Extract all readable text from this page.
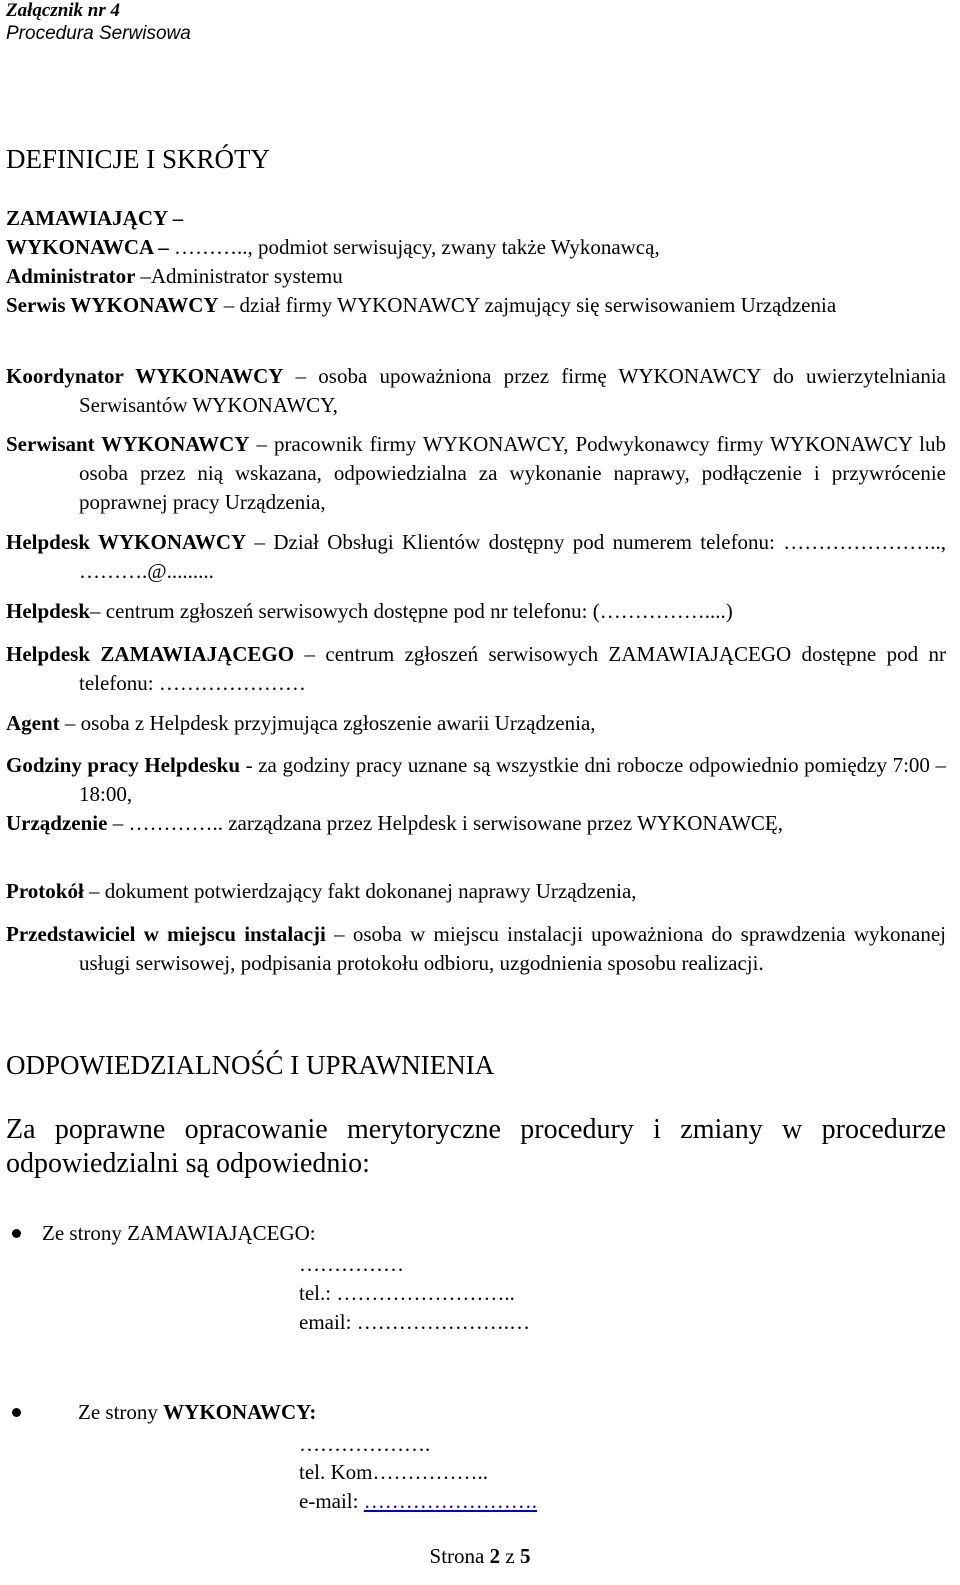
Załącznik nr 4
Procedura Serwisowa
DEFINICJE I SKRÓTY
ZAMAWIAJĄCY –
WYKONAWCA – ……….., podmiot serwisujący, zwany także Wykonawcą,
Administrator –Administrator systemu
Serwis WYKONAWCY – dział firmy WYKONAWCY zajmujący się serwisowaniem Urządzenia
Koordynator WYKONAWCY – osoba upoważniona przez firmę WYKONAWCY do uwierzytelniania Serwisantów WYKONAWCY,
Serwisant WYKONAWCY – pracownik firmy WYKONAWCY, Podwykonawcy firmy WYKONAWCY lub osoba przez nią wskazana, odpowiedzialna za wykonanie naprawy, podłączenie i przywrócenie poprawnej pracy Urządzenia,
Helpdesk WYKONAWCY – Dział Obsługi Klientów dostępny pod numerem telefonu: ………………….., ……….@.........
Helpdesk– centrum zgłoszeń serwisowych dostępne pod nr telefonu: (……………....)
Helpdesk ZAMAWIAJĄCEGO – centrum zgłoszeń serwisowych ZAMAWIAJĄCEGO dostępne pod nr telefonu: …………………
Agent – osoba z Helpdesk przyjmująca zgłoszenie awarii Urządzenia,
Godziny pracy Helpdesku - za godziny pracy uznane są wszystkie dni robocze odpowiednio pomiędzy 7:00 – 18:00,
Urządzenie – ………….. zarządzana przez Helpdesk i serwisowane przez WYKONAWCĘ,
Protokół – dokument potwierdzający fakt dokonanej naprawy Urządzenia,
Przedstawiciel w miejscu instalacji – osoba w miejscu instalacji upoważniona do sprawdzenia wykonanej usługi serwisowej, podpisania protokołu odbioru, uzgodnienia sposobu realizacji.
ODPOWIEDZIALNOŚĆ I UPRAWNIENIA
Za poprawne opracowanie merytoryczne procedury i zmiany w procedurze odpowiedzialni są odpowiednio:
Ze strony ZAMAWIAJĄCEGO:
……………
tel.: ……………………..
email: ………………….…
Ze strony WYKONAWCY:
……………….
tel. Kom……………..
e-mail: …………………….
Strona 2 z 5
